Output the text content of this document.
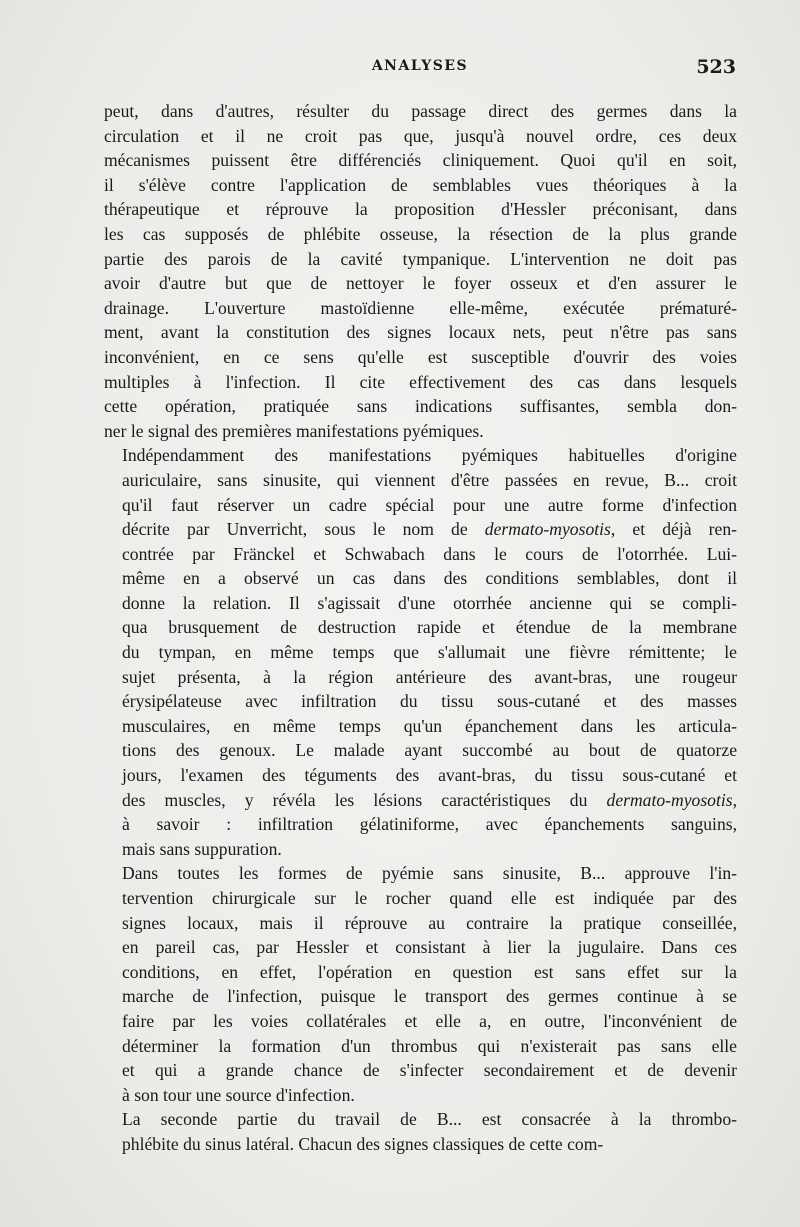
ANALYSES	523
peut, dans d'autres, résulter du passage direct des germes dans la
circulation et il ne croit pas que, jusqu'à nouvel ordre, ces deux
mécanismes puissent être différenciés cliniquement. Quoi qu'il en soit,
il s'élève contre l'application de semblables vues théoriques à la
thérapeutique et réprouve la proposition d'Hessler préconisant, dans
les cas supposés de phlébite osseuse, la résection de la plus grande
partie des parois de la cavité tympanique. L'intervention ne doit pas
avoir d'autre but que de nettoyer le foyer osseux et d'en assurer le
drainage. L'ouverture mastoïdienne elle-même, exécutée prématuré-
ment, avant la constitution des signes locaux nets, peut n'être pas sans
inconvénient, en ce sens qu'elle est susceptible d'ouvrir des voies
multiples à l'infection. Il cite effectivement des cas dans lesquels
cette opération, pratiquée sans indications suffisantes, sembla don-
ner le signal des premières manifestations pyémiques.
Indépendamment des manifestations pyémiques habituelles d'origine
auriculaire, sans sinusite, qui viennent d'être passées en revue, B... croit
qu'il faut réserver un cadre spécial pour une autre forme d'infection
décrite par Unverricht, sous le nom de dermato-myosotis, et déjà ren-
contrée par Fränckel et Schwabach dans le cours de l'otorrhée. Lui-
même en a observé un cas dans des conditions semblables, dont il
donne la relation. Il s'agissait d'une otorrhée ancienne qui se compli-
qua brusquement de destruction rapide et étendue de la membrane
du tympan, en même temps que s'allumait une fièvre rémittente; le
sujet présenta, à la région antérieure des avant-bras, une rougeur
érysipélateuse avec infiltration du tissu sous-cutané et des masses
musculaires, en même temps qu'un épanchement dans les articula-
tions des genoux. Le malade ayant succombé au bout de quatorze
jours, l'examen des téguments des avant-bras, du tissu sous-cutané et
des muscles, y révéla les lésions caractéristiques du dermato-myosotis,
à savoir : infiltration gélatiniforme, avec épanchements sanguins,
mais sans suppuration.
Dans toutes les formes de pyémie sans sinusite, B... approuve l'in-
tervention chirurgicale sur le rocher quand elle est indiquée par des
signes locaux, mais il réprouve au contraire la pratique conseillée,
en pareil cas, par Hessler et consistant à lier la jugulaire. Dans ces
conditions, en effet, l'opération en question est sans effet sur la
marche de l'infection, puisque le transport des germes continue à se
faire par les voies collatérales et elle a, en outre, l'inconvénient de
déterminer la formation d'un thrombus qui n'existerait pas sans elle
et qui a grande chance de s'infecter secondairement et de devenir
à son tour une source d'infection.
La seconde partie du travail de B... est consacrée à la thrombo-
phlébite du sinus latéral. Chacun des signes classiques de cette com-
